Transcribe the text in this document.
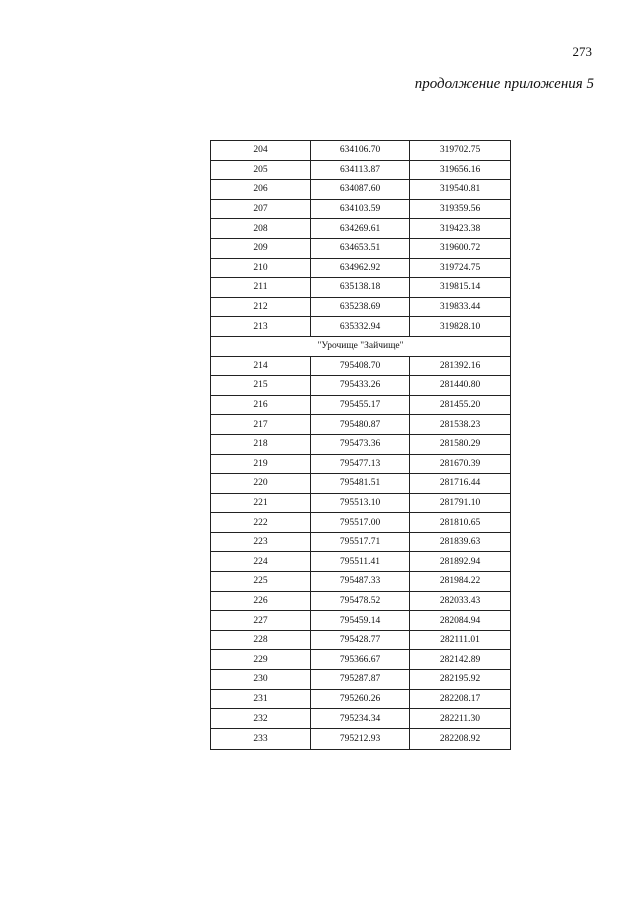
273
продолжение приложения 5
204	634106.70	319702.75
205	634113.87	319656.16
206	634087.60	319540.81
207	634103.59	319359.56
208	634269.61	319423.38
209	634653.51	319600.72
210	634962.92	319724.75
211	635138.18	319815.14
212	635238.69	319833.44
213	635332.94	319828.10
"Урочище "Зайчище"		
214	795408.70	281392.16
215	795433.26	281440.80
216	795455.17	281455.20
217	795480.87	281538.23
218	795473.36	281580.29
219	795477.13	281670.39
220	795481.51	281716.44
221	795513.10	281791.10
222	795517.00	281810.65
223	795517.71	281839.63
224	795511.41	281892.94
225	795487.33	281984.22
226	795478.52	282033.43
227	795459.14	282084.94
228	795428.77	282111.01
229	795366.67	282142.89
230	795287.87	282195.92
231	795260.26	282208.17
232	795234.34	282211.30
233	795212.93	282208.92
